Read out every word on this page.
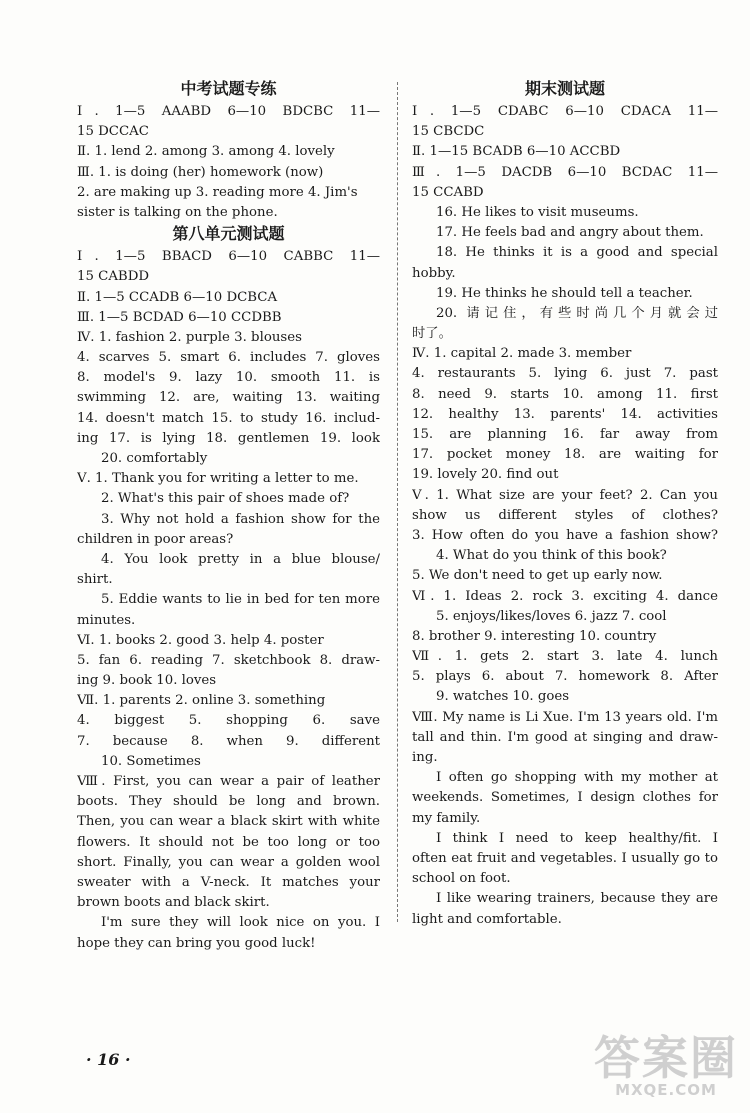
中考试题专练
Ⅰ. 1—5 AAABD 6—10 BDCBC 11—
15 DCCAC
Ⅱ. 1. lend 2. among 3. among 4. lovely
Ⅲ. 1. is doing (her) homework (now)
2. are making up 3. reading more 4. Jim's
sister is talking on the phone.
第八单元测试题
Ⅰ. 1—5 BBACD 6—10 CABBC 11—
15 CABDD
Ⅱ. 1—5 CCADB 6—10 DCBCA
Ⅲ. 1—5 BCDAD 6—10 CCDBB
Ⅳ. 1. fashion 2. purple 3. blouses
4. scarves 5. smart 6. includes 7. gloves
8. model's 9. lazy 10. smooth 11. is
swimming 12. are, waiting 13. waiting
14. doesn't match 15. to study 16. includ-
ing 17. is lying 18. gentlemen 19. look
20. comfortably
Ⅴ. 1. Thank you for writing a letter to me.
2. What's this pair of shoes made of?
3. Why not hold a fashion show for the
children in poor areas?
4. You look pretty in a blue blouse/
shirt.
5. Eddie wants to lie in bed for ten more
minutes.
Ⅵ. 1. books 2. good 3. help 4. poster
5. fan 6. reading 7. sketchbook 8. draw-
ing 9. book 10. loves
Ⅶ. 1. parents 2. online 3. something
4. biggest 5. shopping 6. save
7. because 8. when 9. different
10. Sometimes
Ⅷ. First, you can wear a pair of leather
boots. They should be long and brown.
Then, you can wear a black skirt with white
flowers. It should not be too long or too
short. Finally, you can wear a golden wool
sweater with a V-neck. It matches your
brown boots and black skirt.
I'm sure they will look nice on you. I
hope they can bring you good luck!
期末测试题
Ⅰ. 1—5 CDABC 6—10 CDACA 11—
15 CBCDC
Ⅱ. 1—15 BCADB 6—10 ACCBD
Ⅲ. 1—5 DACDB 6—10 BCDAC 11—
15 CCABD
16. He likes to visit museums.
17. He feels bad and angry about them.
18. He thinks it is a good and special
hobby.
19. He thinks he should tell a teacher.
20. 请记住，有些时尚几个月就会过
时了。
Ⅳ. 1. capital 2. made 3. member
4. restaurants 5. lying 6. just 7. past
8. need 9. starts 10. among 11. first
12. healthy 13. parents' 14. activities
15. are planning 16. far away from
17. pocket money 18. are waiting for
19. lovely 20. find out
Ⅴ. 1. What size are your feet? 2. Can you
show us different styles of clothes?
3. How often do you have a fashion show?
4. What do you think of this book?
5. We don't need to get up early now.
Ⅵ. 1. Ideas 2. rock 3. exciting 4. dance
5. enjoys/likes/loves 6. jazz 7. cool
8. brother 9. interesting 10. country
Ⅶ. 1. gets 2. start 3. late 4. lunch
5. plays 6. about 7. homework 8. After
9. watches 10. goes
Ⅷ. My name is Li Xue. I'm 13 years old. I'm
tall and thin. I'm good at singing and draw-
ing.
I often go shopping with my mother at
weekends. Sometimes, I design clothes for
my family.
I think I need to keep healthy/fit. I
often eat fruit and vegetables. I usually go to
school on foot.
I like wearing trainers, because they are
light and comfortable.
· 16 ·	答案圈
MXQE.COM
